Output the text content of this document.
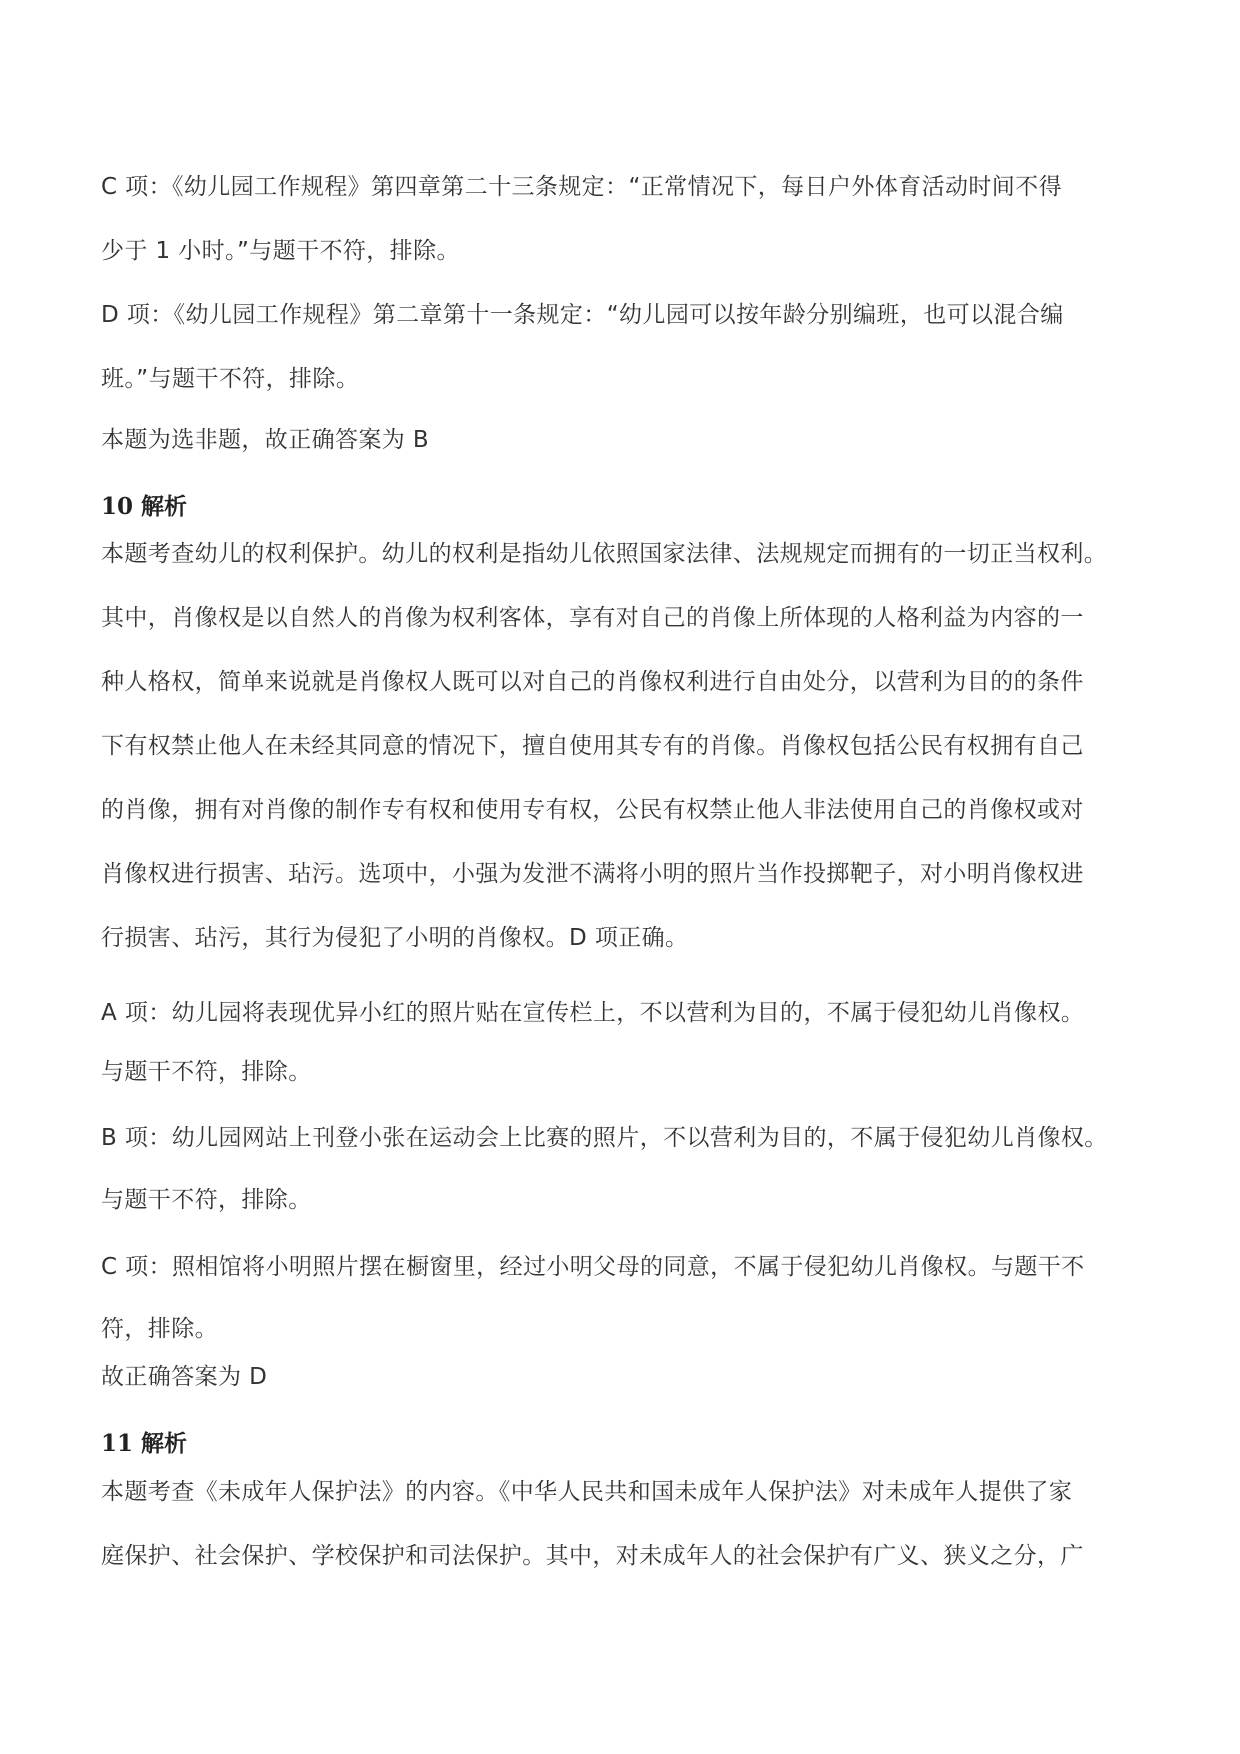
C 项：《幼儿园工作规程》第四章第二十三条规定：“正常情况下，每日户外体育活动时间不得
少于 1 小时。”与题干不符，排除。
D 项：《幼儿园工作规程》第二章第十一条规定：“幼儿园可以按年龄分别编班，也可以混合编
班。”与题干不符，排除。
本题为选非题，故正确答案为 B
10 解析
本题考查幼儿的权利保护。幼儿的权利是指幼儿依照国家法律、法规规定而拥有的一切正当权利。
其中，肖像权是以自然人的肖像为权利客体，享有对自己的肖像上所体现的人格利益为内容的一
种人格权，简单来说就是肖像权人既可以对自己的肖像权利进行自由处分，以营利为目的的条件
下有权禁止他人在未经其同意的情况下，擅自使用其专有的肖像。肖像权包括公民有权拥有自己
的肖像，拥有对肖像的制作专有权和使用专有权，公民有权禁止他人非法使用自己的肖像权或对
肖像权进行损害、玷污。选项中，小强为发泄不满将小明的照片当作投掷靶子，对小明肖像权进
行损害、玷污，其行为侵犯了小明的肖像权。D 项正确。
A 项：幼儿园将表现优异小红的照片贴在宣传栏上，不以营利为目的，不属于侵犯幼儿肖像权。
与题干不符，排除。
B 项：幼儿园网站上刊登小张在运动会上比赛的照片，不以营利为目的，不属于侵犯幼儿肖像权。
与题干不符，排除。
C 项：照相馆将小明照片摆在橱窗里，经过小明父母的同意，不属于侵犯幼儿肖像权。与题干不
符，排除。
故正确答案为 D
11 解析
本题考查《未成年人保护法》的内容。《中华人民共和国未成年人保护法》对未成年人提供了家
庭保护、社会保护、学校保护和司法保护。其中，对未成年人的社会保护有广义、狭义之分，广
